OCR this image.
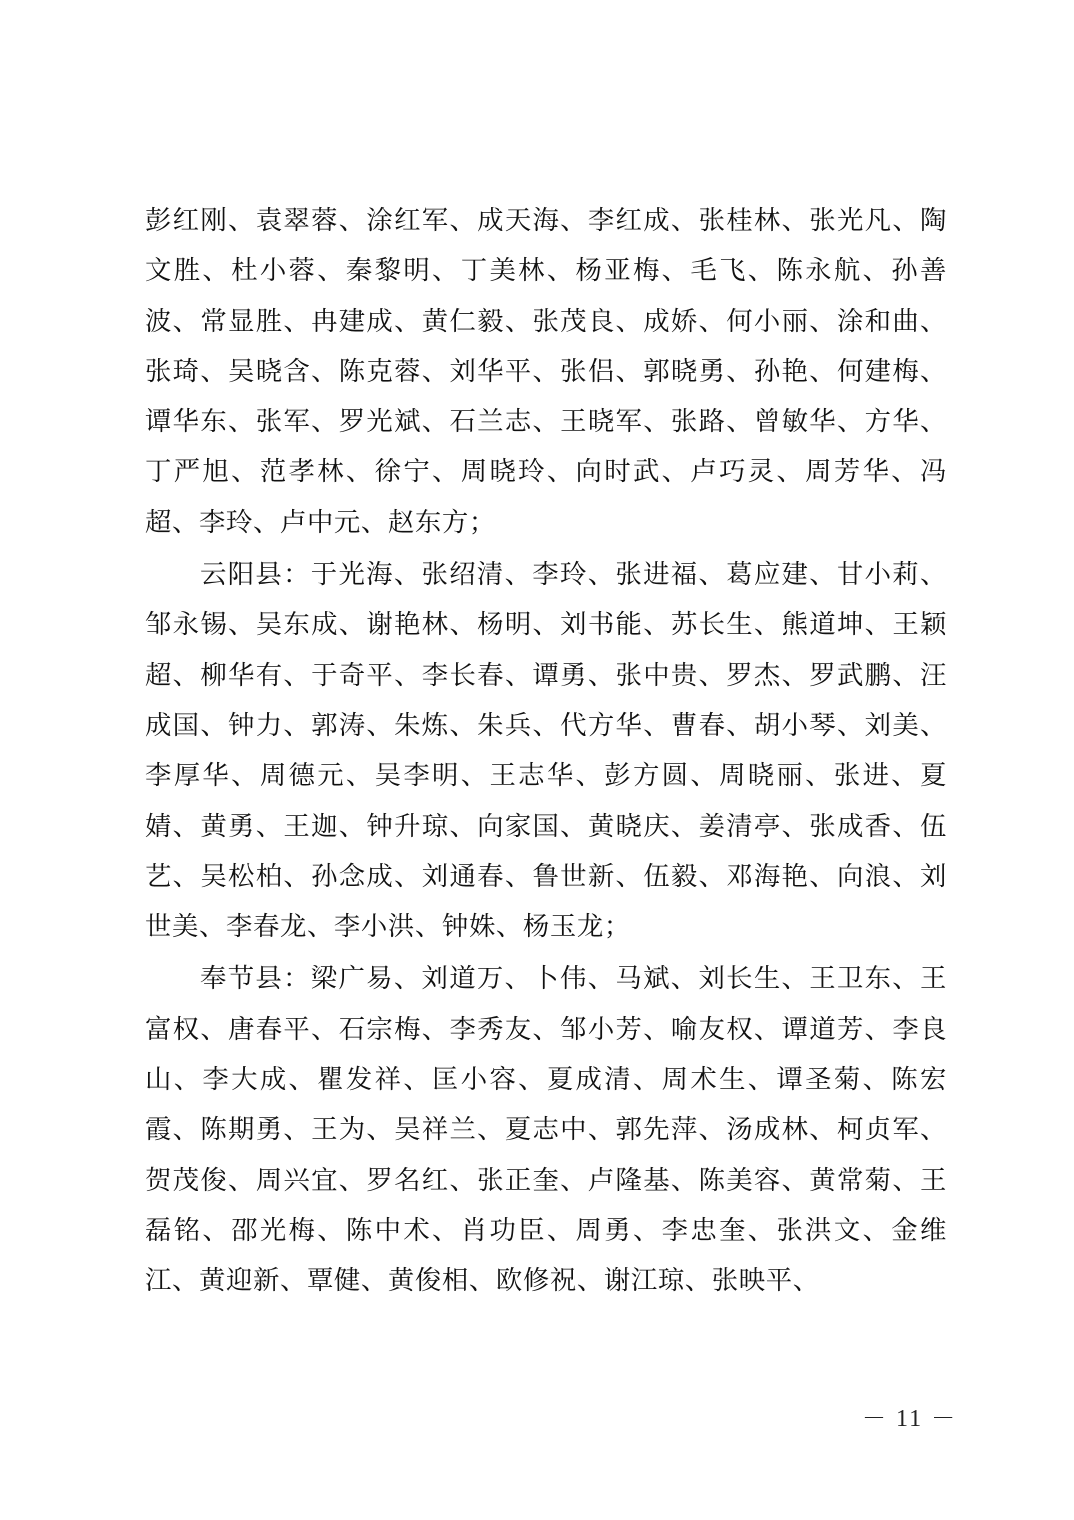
彭红刚、袁翠蓉、涂红军、成天海、李红成、张桂林、张光凡、陶文胜、杜小蓉、秦黎明、丁美林、杨亚梅、毛飞、陈永航、孙善波、常显胜、冉建成、黄仁毅、张茂良、成娇、何小丽、涂和曲、张琦、吴晓含、陈克蓉、刘华平、张侣、郭晓勇、孙艳、何建梅、谭华东、张军、罗光斌、石兰志、王晓军、张路、曾敏华、方华、丁严旭、范孝林、徐宁、周晓玲、向时武、卢巧灵、周芳华、冯超、李玲、卢中元、赵东方；

云阳县：于光海、张绍清、李玲、张进福、葛应建、甘小莉、邹永锡、吴东成、谢艳林、杨明、刘书能、苏长生、熊道坤、王颖超、柳华有、于奇平、李长春、谭勇、张中贵、罗杰、罗武鹏、汪成国、钟力、郭涛、朱炼、朱兵、代方华、曹春、胡小琴、刘美、李厚华、周德元、吴李明、王志华、彭方圆、周晓丽、张进、夏婧、黄勇、王迦、钟升琼、向家国、黄晓庆、姜清亭、张成香、伍艺、吴松柏、孙念成、刘通春、鲁世新、伍毅、邓海艳、向浪、刘世美、李春龙、李小洪、钟姝、杨玉龙；

奉节县：梁广易、刘道万、卜伟、马斌、刘长生、王卫东、王富权、唐春平、石宗梅、李秀友、邹小芳、喻友权、谭道芳、李良山、李大成、瞿发祥、匡小容、夏成清、周术生、谭圣菊、陈宏霞、陈期勇、王为、吴祥兰、夏志中、郭先萍、汤成林、柯贞军、贺茂俊、周兴宜、罗名红、张正奎、卢隆基、陈美容、黄常菊、王磊铭、邵光梅、陈中术、肖功臣、周勇、李忠奎、张洪文、金维江、黄迎新、覃健、黄俊相、欧修祝、谢江琼、张映平、

－ 11 －
